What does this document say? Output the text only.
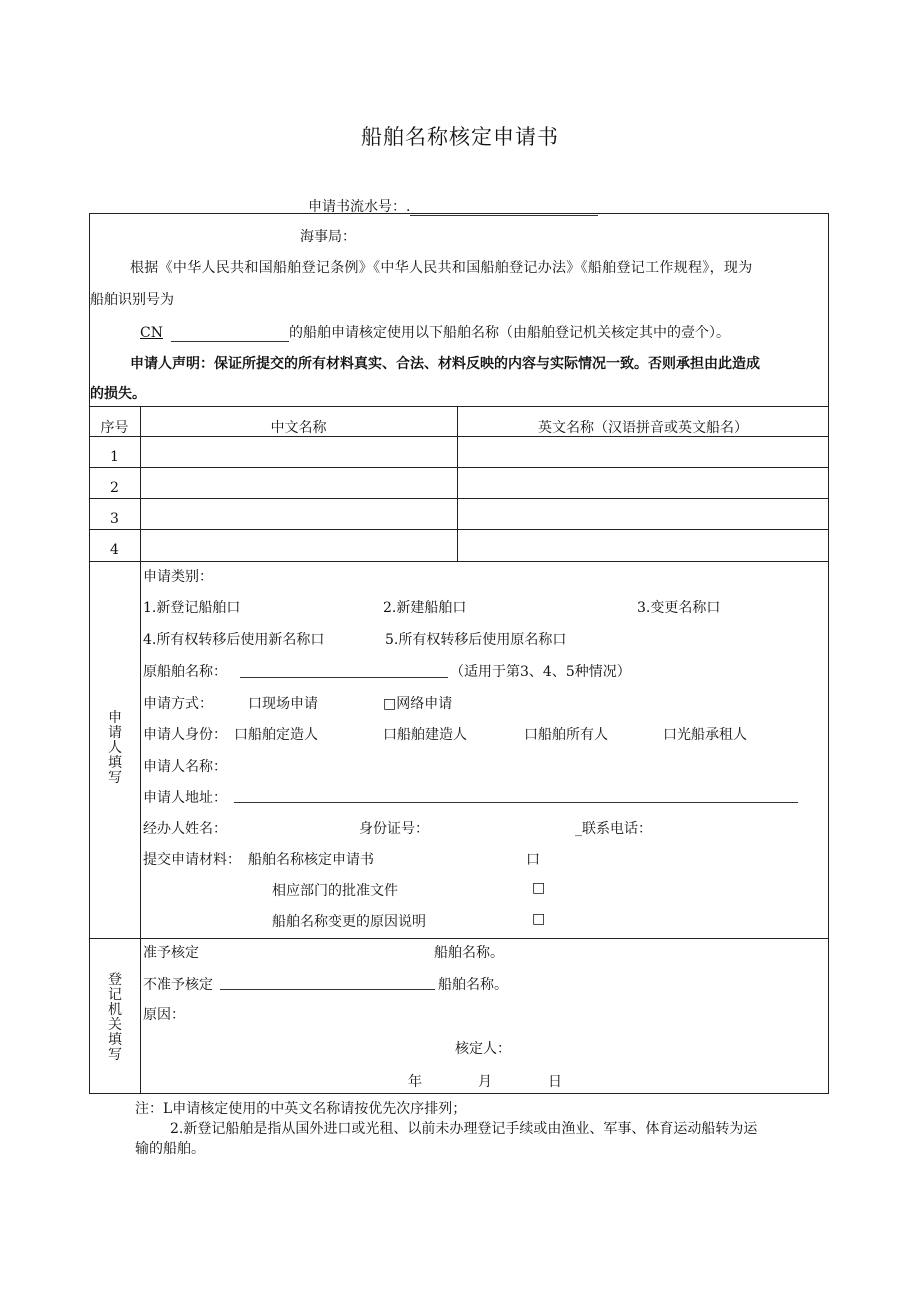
船舶名称核定申请书
申请书流水号：.
海事局：
根据《中华人民共和国船舶登记条例》《中华人民共和国船舶登记办法》《船舶登记工作规程》，现为
船舶识别号为
CN	的船舶申请核定使用以下船舶名称（由船舶登记机关核定其中的壹个）。
申请人声明：保证所提交的所有材料真实、合法、材料反映的内容与实际情况一致。否则承担由此造成
的损失。
序号	中文名称	英文名称（汉语拼音或英文船名）
1
2
3
4
申请人填写
申请类别：
1.新登记船舶口	2.新建船舶口	3.变更名称口
4.所有权转移后使用新名称口	5.所有权转移后使用原名称口
原船舶名称：	（适用于第3、4、5种情况）
申请方式：	口现场申请	□网络申请
申请人身份： 口船舶定造人	口船舶建造人	口船舶所有人	口光船承租人
申请人名称：
申请人地址：
经办人姓名：	身份证号：	_联系电话：
提交申请材料： 船舶名称核定申请书	口
相应部门的批准文件	□
船舶名称变更的原因说明	□
登记机关填写
准予核定	船舶名称。
不准予核定	船舶名称。
原因：
核定人：
年	月	日
注：L申请核定使用的中英文名称请按优先次序排列；
2.新登记船舶是指从国外进口或光租、以前未办理登记手续或由渔业、军事、体育运动船转为运
输的船舶。
